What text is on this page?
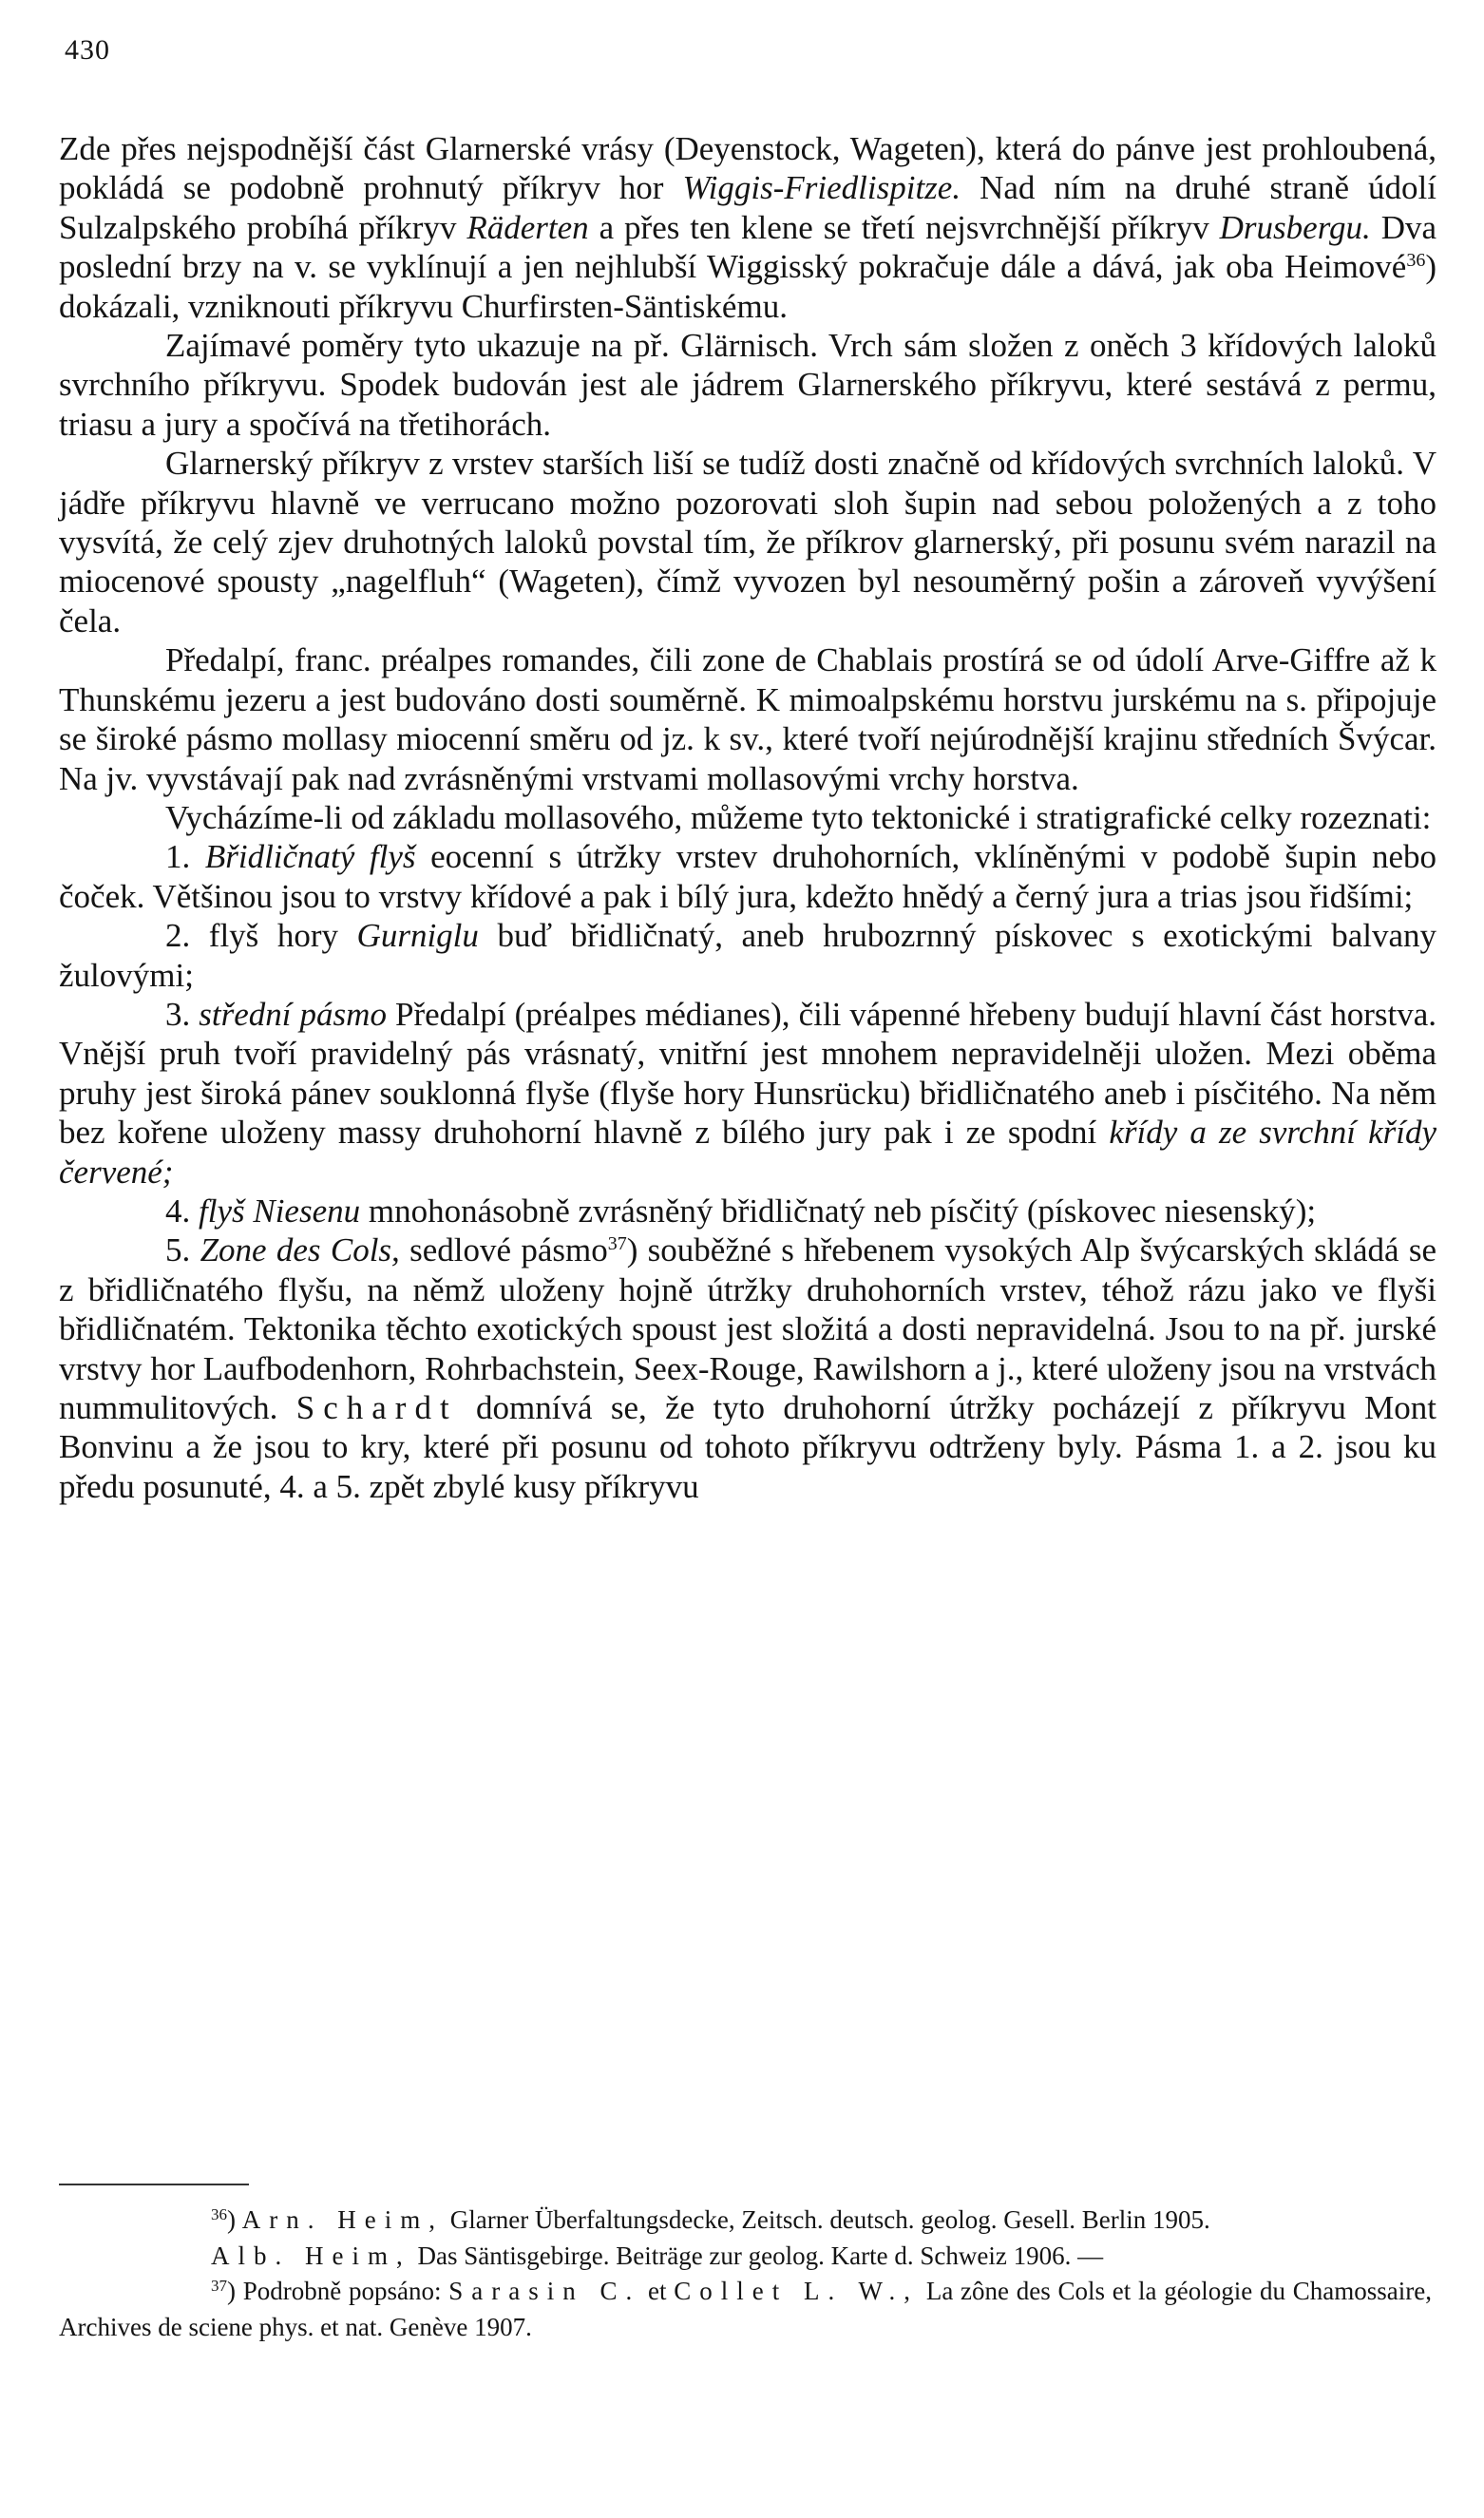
430

Zde přes nejspodnější část Glarnerské vrásy (Deyenstock, Wageten), která do pánve jest prohloubená, pokládá se podobně prohnutý příkryv hor Wiggis-Friedlispitze. Nad ním na druhé straně údolí Sulzalpského probíhá příkryv Räderten a přes ten klene se třetí nejsvrchnější příkryv Drusbergu. Dva poslední brzy na v. se vyklínují a jen nejhlubší Wiggisský pokračuje dále a dává, jak oba Heimové$^{36}$) dokázali, vzniknouti příkryvu Churfirsten-Säntiskému.

Zajímavé poměry tyto ukazuje na př. Glärnisch. Vrch sám složen z oněch 3 křídových laloků svrchního příkryvu. Spodek budován jest ale jádrem Glarnerského příkryvu, které sestává z permu, triasu a jury a spočívá na třetihorách.

Glarnerský příkryv z vrstev starších liší se tudíž dosti značně od křídových svrchních laloků. V jádře příkryvu hlavně ve verrucano možno pozorovati sloh šupin nad sebou položených a z toho vysvítá, že celý zjev druhotných laloků povstal tím, že příkrov glarnerský, při posunu svém narazil na miocenové spousty „nagelfluh“ (Wageten), čímž vyvozen byl nesouměrný pošin a zároveň vyvýšení čela.

Předalpí, franc. préalpes romandes, čili zone de Chablais prostírá se od údolí Arve-Giffre až k Thunskému jezeru a jest budováno dosti souměrně. K mimoalpskému horstvu jurskému na s. připojuje se široké pásmo mollasy miocenní směru od jz. k sv., které tvoří nejúrodnější krajinu středních Švýcar. Na jv. vyvstávají pak nad zvrásněnými vrstvami mollasovými vrchy horstva.

Vycházíme-li od základu mollasového, můžeme tyto tektonické i stratigrafické celky rozeznati:

1. Břidličnatý flyš eocenní s útržky vrstev druhohorních, vklíněnými v podobě šupin nebo čoček. Většinou jsou to vrstvy křídové a pak i bílý jura, kdežto hnědý a černý jura a trias jsou řidšími;

2. flyš hory Gurniglu buď břidličnatý, aneb hrubozrnný pískovec s exotickými balvany žulovými;

3. střední pásmo Předalpí (préalpes médianes), čili vápenné hřebeny budují hlavní část horstva. Vnější pruh tvoří pravidelný pás vrásnatý, vnitřní jest mnohem nepravidelněji uložen. Mezi oběma pruhy jest široká pánev souklonná flyše (flyše hory Hunsrücku) břidličnatého aneb i písčitého. Na něm bez kořene uloženy massy druhohorní hlavně z bílého jury pak i ze spodní křídy a ze svrchní křídy červené;

4. flyš Niesenu mnohonásobně zvrásněný břidličnatý neb písčitý (pískovec niesenský);

5. Zone des Cols, sedlové pásmo$^{37}$) souběžné s hřebenem vysokých Alp švýcarských skládá se z břidličnatého flyšu, na němž uloženy hojně útržky druhohorních vrstev, téhož rázu jako ve flyši břidličnatém. Tektonika těchto exotických spoust jest složitá a dosti nepravidelná. Jsou to na př. jurské vrstvy hor Laufbodenhorn, Rohrbachstein, Seex-Rouge, Rawilshorn a j., které uloženy jsou na vrstvách nummulitových. Schardt domnívá se, že tyto druhohorní útržky pocházejí z příkryvu Mont Bonvinu a že jsou to kry, které při posunu od tohoto příkryvu odtrženy byly. Pásma 1. a 2. jsou ku předu posunuté, 4. a 5. zpět zbylé kusy příkryvu

$^{36}$) Arn. Heim, Glarner Überfaltungsdecke, Zeitsch. deutsch. geolog. Gesell. Berlin 1905.

Alb. Heim, Das Säntisgebirge. Beiträge zur geolog. Karte d. Schweiz 1906. —

$^{37}$) Podrobně popsáno: Sarasin C. et Collet L. W., La zône des Cols et la géologie du Chamossaire, Archives de sciene phys. et nat. Genève 1907.
